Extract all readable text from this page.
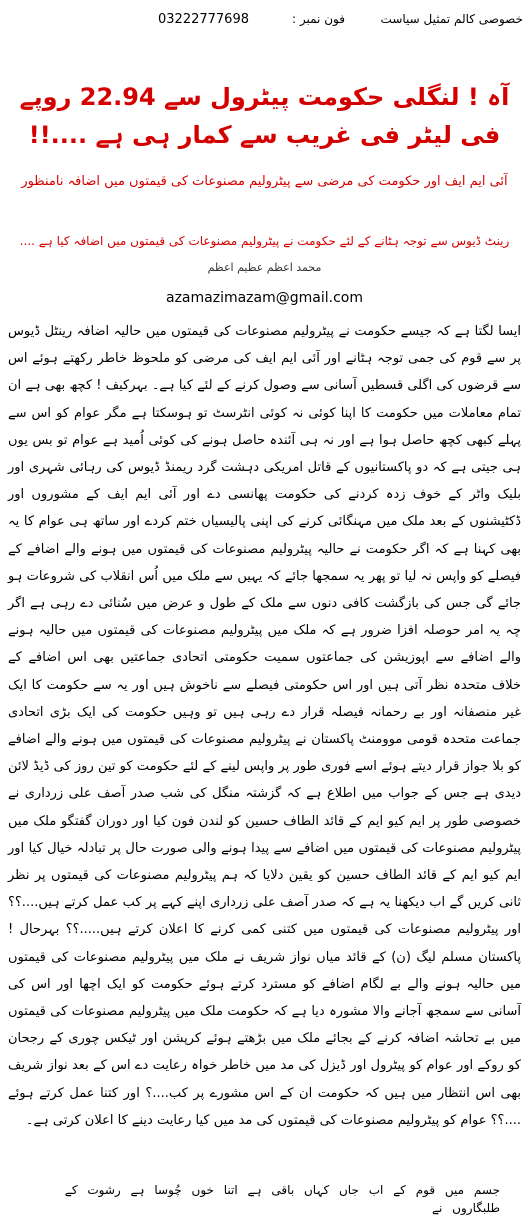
03222777698	فون نمبر :	خصوصی کالم تمثیل سیاست
آہ ! لنگلی حکومت پیٹرول سے 22.94 روپے فی لیٹر فی غریب سے کمار ہی ہے ....!!
آئی ایم ایف اور حکومت کی مرضی سے پیٹرولیم مصنوعات کی قیمتوں میں اضافہ نامنظور
رینٹ ڈیوس سے توجہ ہٹانے کے لئے حکومت نے پیٹرولیم مصنوعات کی قیمتوں میں اضافہ کیا ہے ....
محمد اعظم عظیم اعظم
azamazimazam@gmail.com
ایسا لگتا ہے کہ جیسے حکومت نے پیٹرولیم مصنوعات کی قیمتوں میں حالیہ اضافہ رینٹل ڈیوس پر سے قوم کی جمی توجہ ہٹانے اور آئی ایم ایف کی مرضی کو ملحوظ خاطر رکھتے ہوئے اس سے قرضوں کی اگلی قسطیں آسانی سے وصول کرنے کے لئے کیا ہے۔ بہرکیف ! کچھ بھی ہے ان تمام معاملات میں حکومت کا اپنا کوئی نہ کوئی انٹرسٹ تو ہوسکتا ہے مگر عوام کو اس سے پہلے کبھی کچھ حاصل ہوا ہے اور نہ ہی آئندہ حاصل ہونے کی کوئی اُمید ہے عوام تو بس یوں ہی جیتی ہے کہ دو پاکستانیوں کے قاتل امریکی دہشت گرد ریمنڈ ڈیوس کی رہائی شہری اور بلیک واٹر کے خوف زدہ کردنے کی حکومت پھانسی دے اور آئی ایم ایف کے مشوروں اور ڈکٹیشنوں کے بعد ملک میں مہنگائی کرنے کی اپنی پالیسیاں ختم کردے اور ساتھ ہی عوام کا یہ بھی کہنا ہے کہ اگر حکومت نے حالیہ پیٹرولیم مصنوعات کی قیمتوں میں ہونے والے اضافے کے فیصلے کو واپس نہ لیا تو پھر یہ سمجھا جائے کہ یہیں سے ملک میں اُس انقلاب کی شروعات ہو جائے گی جس کی بازگشت کافی دنوں سے ملک کے طول و عرض میں سُنائی دے رہی ہے اگر چہ یہ امر حوصلہ افزا ضرور ہے کہ ملک میں پیٹرولیم مصنوعات کی قیمتوں میں حالیہ ہونے والے اضافے سے اپوزیشن کی جماعتوں سمیت حکومتی اتحادی جماعتیں بھی اس اضافے کے خلاف متحدہ نظر آتی ہیں اور اس حکومتی فیصلے سے ناخوش ہیں اور یہ سے حکومت کا ایک غیر منصفانہ اور بے رحمانہ فیصلہ قرار دے رہی ہیں تو وہیں حکومت کی ایک بڑی اتحادی جماعت متحدہ قومی موومنٹ پاکستان نے پیٹرولیم مصنوعات کی قیمتوں میں ہونے والے اضافے کو بلا جواز قرار دیتے ہوئے اسے فوری طور پر واپس لینے کے لئے حکومت کو تین روز کی ڈیڈ لائن دیدی ہے جس کے جواب میں اطلاع ہے کہ گزشتہ منگل کی شب صدر آصف علی زرداری نے خصوصی طور پر ایم کیو ایم کے قائد الطاف حسین کو لندن فون کیا اور دوران گفتگو ملک میں پیٹرولیم مصنوعات کی قیمتوں میں اضافے سے پیدا ہونے والی صورت حال پر تبادلہ خیال کیا اور ایم کیو ایم کے قائد الطاف حسین کو یقین دلایا کہ ہم پیٹرولیم مصنوعات کی قیمتوں پر نظر ثانی کریں گے اب دیکھنا یہ ہے کہ صدر آصف علی زرداری اپنے کہے پر کب عمل کرتے ہیں....؟؟ اور پیٹرولیم مصنوعات کی قیمتوں میں کتنی کمی کرنے کا اعلان کرتے ہیں.....؟؟ بہرحال ! پاکستان مسلم لیگ (ن) کے قائد میاں نواز شریف نے ملک میں پیٹرولیم مصنوعات کی قیمتوں میں حالیہ ہونے والے بے لگام اضافے کو مسترد کرتے ہوئے حکومت کو ایک اچھا اور اس کی آسانی سے سمجھ آجانے والا مشورہ دیا ہے کہ حکومت ملک میں پیٹرولیم مصنوعات کی قیمتوں میں بے تحاشہ اضافہ کرنے کے بجائے ملک میں بڑھتے ہوئے کرپشن اور ٹیکس چوری کے رجحان کو روکے اور عوام کو پیٹرول اور ڈیزل کی مد میں خاطر خواہ رعایت دے اس کے بعد نواز شریف بھی اس انتظار میں ہیں کہ حکومت ان کے اس مشورے پر کب....؟ اور کتنا عمل کرتے ہوئے ....؟؟ عوام کو پیٹرولیم مصنوعات کی قیمتوں کی مد میں کیا رعایت دینے کا اعلان کرتی ہے۔
جسم میں قوم کے اب جاں کہاں باقی ہے اتنا خوں چُوسا ہے رشوت کے طلبگاروں نے
